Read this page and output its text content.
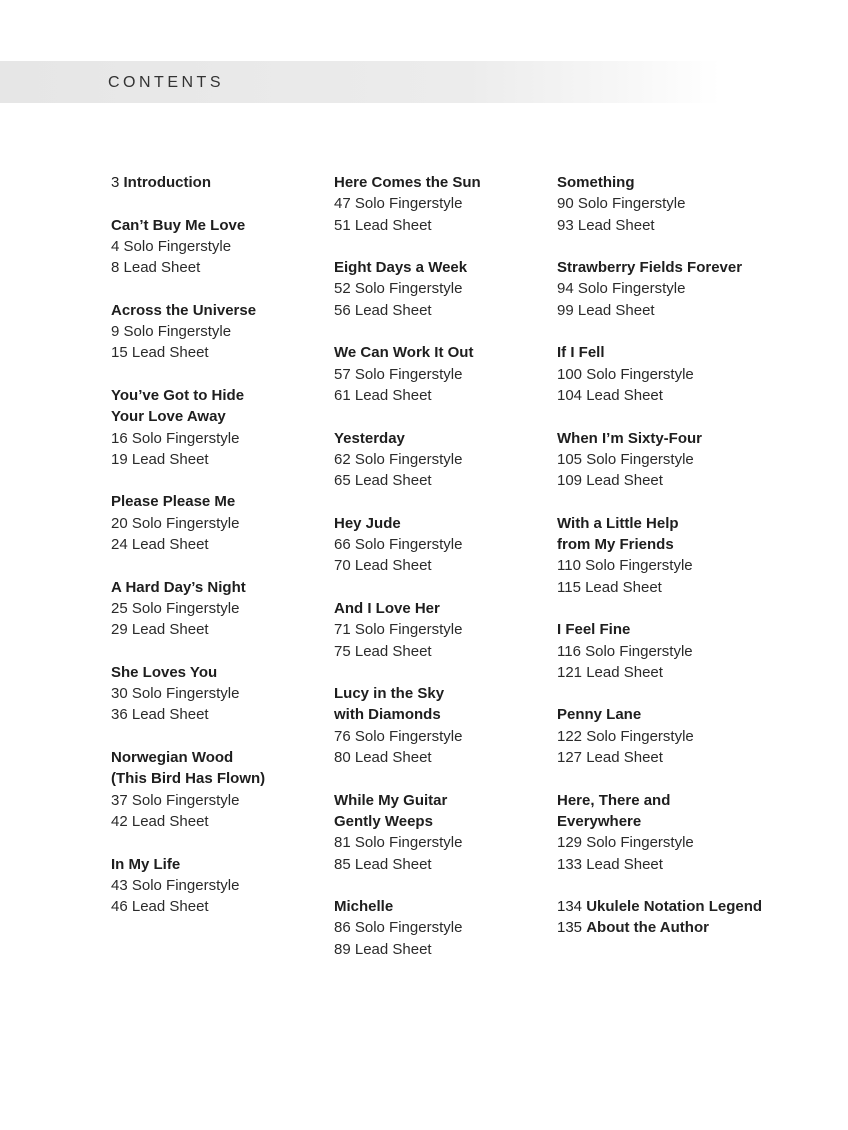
CONTENTS
3 Introduction
Can’t Buy Me Love
4 Solo Fingerstyle
8 Lead Sheet
Across the Universe
9 Solo Fingerstyle
15 Lead Sheet
You’ve Got to Hide
Your Love Away
16 Solo Fingerstyle
19 Lead Sheet
Please Please Me
20 Solo Fingerstyle
24 Lead Sheet
A Hard Day’s Night
25 Solo Fingerstyle
29 Lead Sheet
She Loves You
30 Solo Fingerstyle
36 Lead Sheet
Norwegian Wood
(This Bird Has Flown)
37 Solo Fingerstyle
42 Lead Sheet
In My Life
43 Solo Fingerstyle
46 Lead Sheet
Here Comes the Sun
47 Solo Fingerstyle
51 Lead Sheet
Eight Days a Week
52 Solo Fingerstyle
56 Lead Sheet
We Can Work It Out
57 Solo Fingerstyle
61 Lead Sheet
Yesterday
62 Solo Fingerstyle
65 Lead Sheet
Hey Jude
66 Solo Fingerstyle
70 Lead Sheet
And I Love Her
71 Solo Fingerstyle
75 Lead Sheet
Lucy in the Sky
with Diamonds
76 Solo Fingerstyle
80 Lead Sheet
While My Guitar
Gently Weeps
81 Solo Fingerstyle
85 Lead Sheet
Michelle
86 Solo Fingerstyle
89 Lead Sheet
Something
90 Solo Fingerstyle
93 Lead Sheet
Strawberry Fields Forever
94 Solo Fingerstyle
99 Lead Sheet
If I Fell
100 Solo Fingerstyle
104 Lead Sheet
When I’m Sixty-Four
105 Solo Fingerstyle
109 Lead Sheet
With a Little Help
from My Friends
110 Solo Fingerstyle
115 Lead Sheet
I Feel Fine
116 Solo Fingerstyle
121 Lead Sheet
Penny Lane
122 Solo Fingerstyle
127 Lead Sheet
Here, There and
Everywhere
129 Solo Fingerstyle
133 Lead Sheet
134 Ukulele Notation Legend
135 About the Author
